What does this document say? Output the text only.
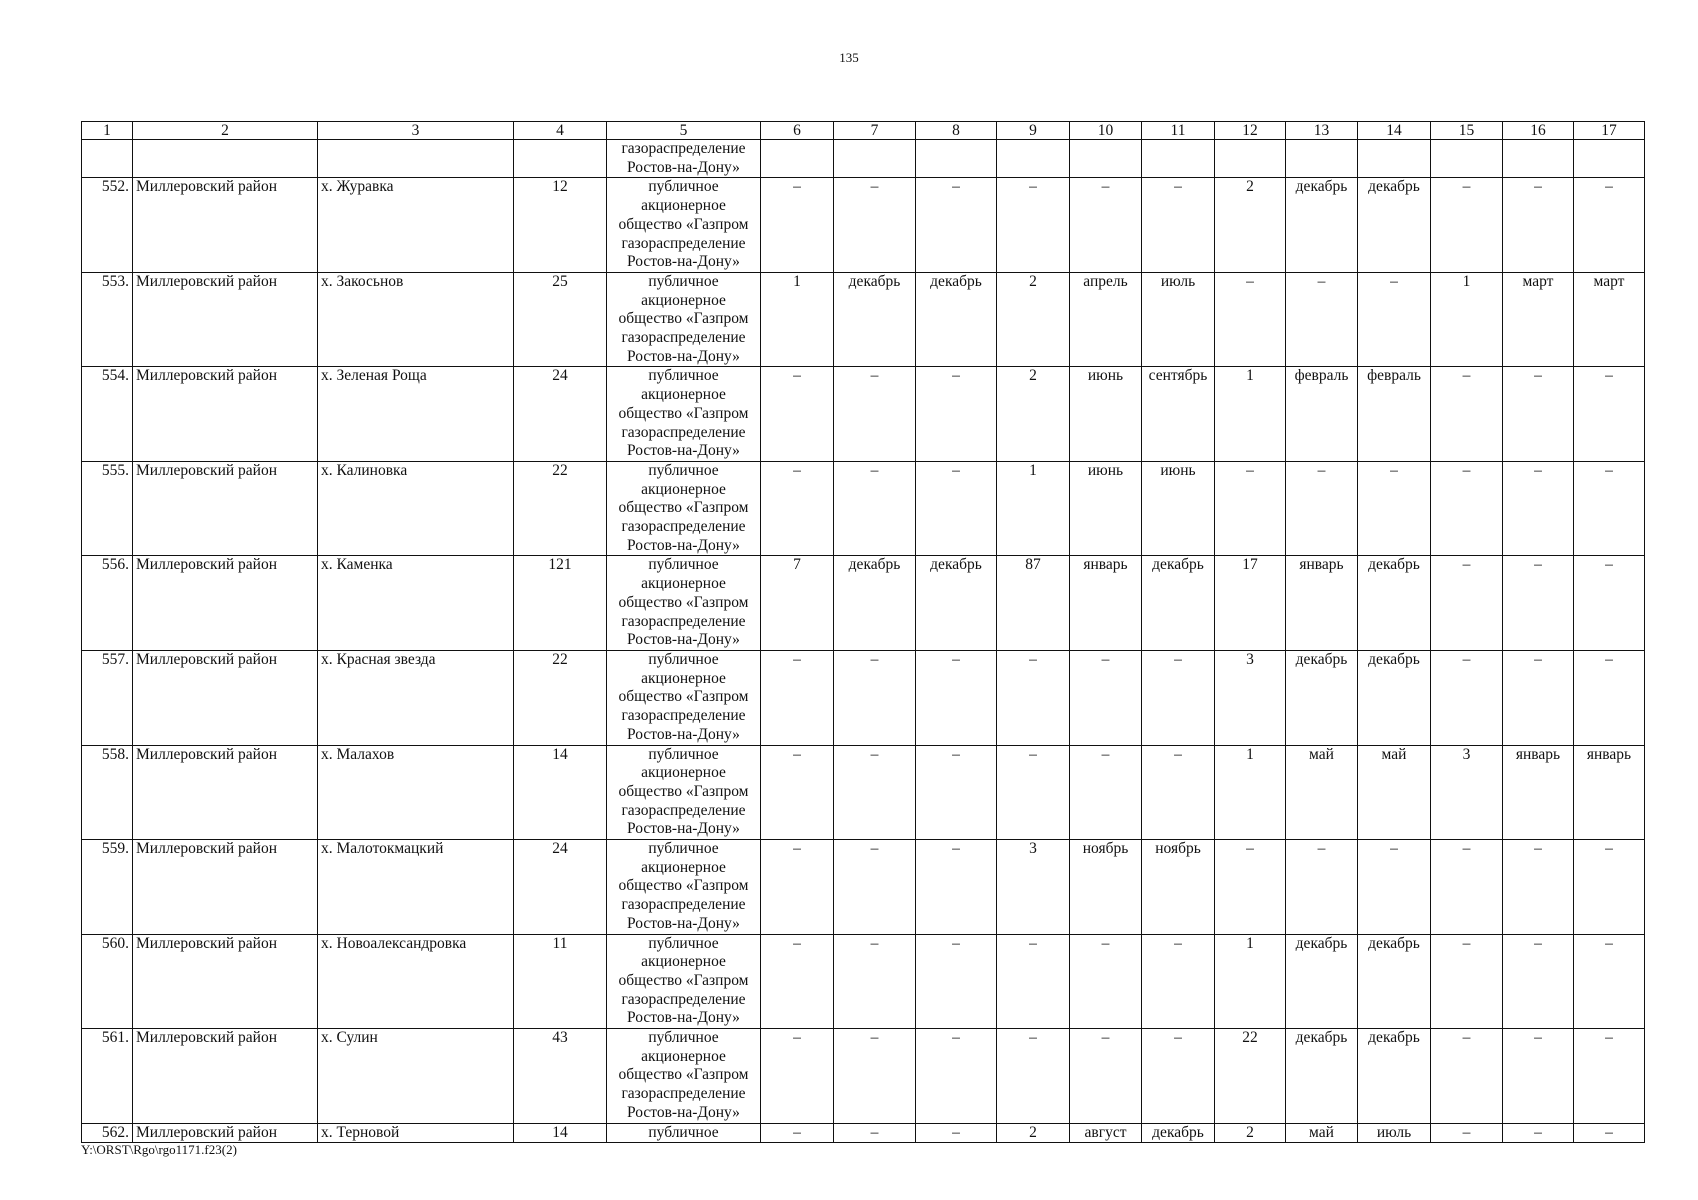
135
1	2	3	4	5	6	7	8	9	10	11	12	13	14	15	16	17

				газораспределение
Ростов-на-Дону»												

552.	Миллеровский район	х. Журавка	12	публичное
акционерное
общество «Газпром
газораспределение
Ростов-на-Дону»	–	–	–	–	–	–	2	декабрь	декабрь	–	–	–
553.	Миллеровский район	х. Закосьнов	25	публичное
акционерное
общество «Газпром
газораспределение
Ростов-на-Дону»	1	декабрь	декабрь	2	апрель	июль	–	–	–	1	март	март
554.	Миллеровский район	х. Зеленая Роща	24	публичное
акционерное
общество «Газпром
газораспределение
Ростов-на-Дону»	–	–	–	2	июнь	сентябрь	1	февраль	февраль	–	–	–
555.	Миллеровский район	х. Калиновка	22	публичное
акционерное
общество «Газпром
газораспределение
Ростов-на-Дону»	–	–	–	1	июнь	июнь	–	–	–	–	–	–
556.	Миллеровский район	х. Каменка	121	публичное
акционерное
общество «Газпром
газораспределение
Ростов-на-Дону»	7	декабрь	декабрь	87	январь	декабрь	17	январь	декабрь	–	–	–
557.	Миллеровский район	х. Красная звезда	22	публичное
акционерное
общество «Газпром
газораспределение
Ростов-на-Дону»	–	–	–	–	–	–	3	декабрь	декабрь	–	–	–
558.	Миллеровский район	х. Малахов	14	публичное
акционерное
общество «Газпром
газораспределение
Ростов-на-Дону»	–	–	–	–	–	–	1	май	май	3	январь	январь
559.	Миллеровский район	х. Малотокмацкий	24	публичное
акционерное
общество «Газпром
газораспределение
Ростов-на-Дону»	–	–	–	3	ноябрь	ноябрь	–	–	–	–	–	–
560.	Миллеровский район	х. Новоалександровка	11	публичное
акционерное
общество «Газпром
газораспределение
Ростов-на-Дону»	–	–	–	–	–	–	1	декабрь	декабрь	–	–	–
561.	Миллеровский район	х. Сулин	43	публичное
акционерное
общество «Газпром
газораспределение
Ростов-на-Дону»	–	–	–	–	–	–	22	декабрь	декабрь	–	–	–
562.	Миллеровский район	х. Терновой	14	публичное	–	–	–	2	август	декабрь	2	май	июль	–	–	–
Y:\ORST\Rgo\rgo1171.f23(2)
